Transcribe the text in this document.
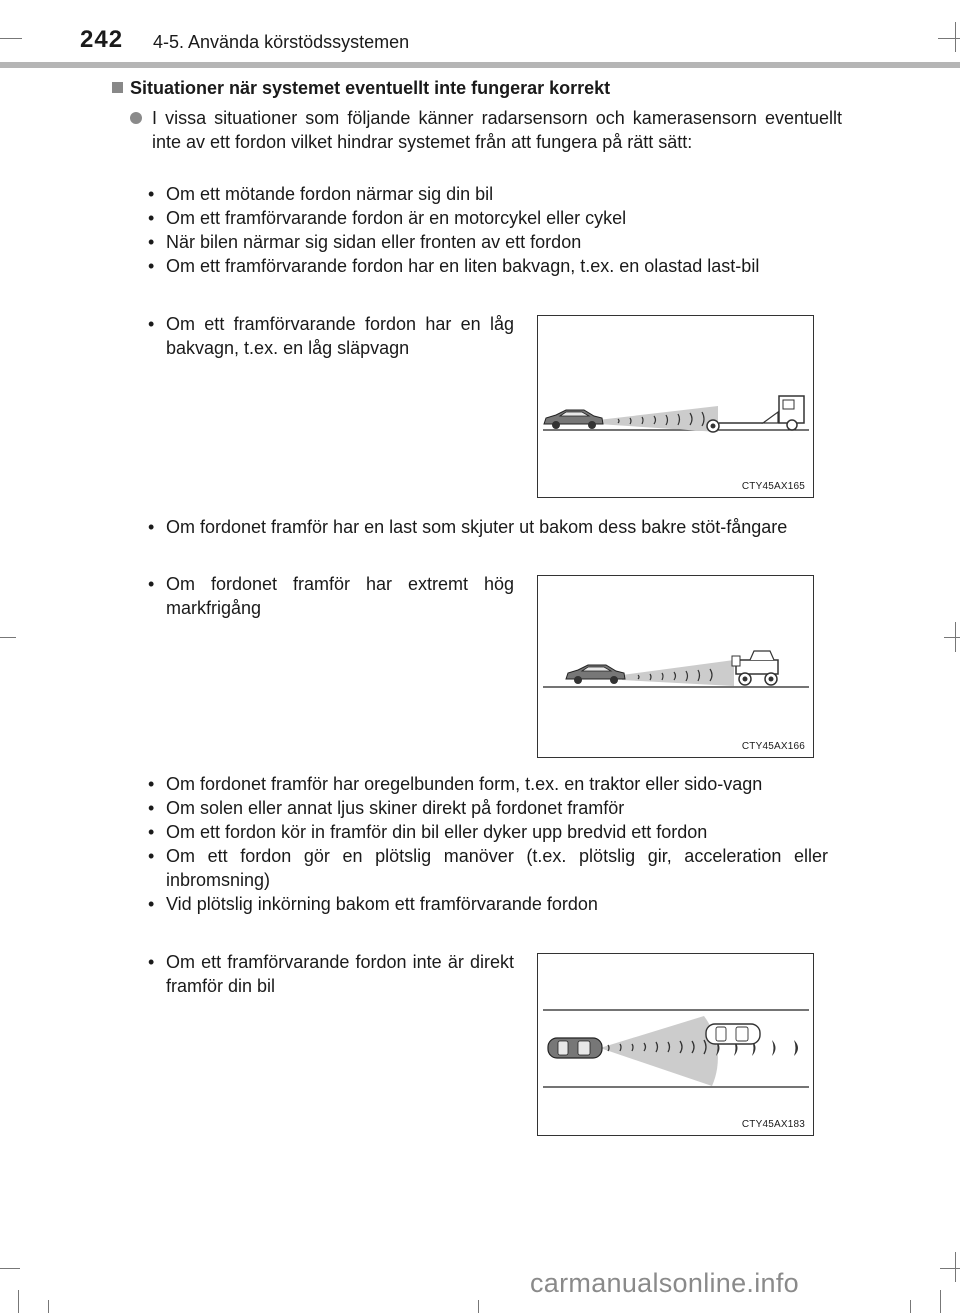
242 4-5. Använda körstödssystemen
Situationer när systemet eventuellt inte fungerar korrekt
I vissa situationer som följande känner radarsensorn och kamerasensorn eventuellt inte av ett fordon vilket hindrar systemet från att fungera på rätt sätt:
• Om ett mötande fordon närmar sig din bil
• Om ett framförvarande fordon är en motorcykel eller cykel
• När bilen närmar sig sidan eller fronten av ett fordon
• Om ett framförvarande fordon har en liten bakvagn, t.ex. en olastad last-bil
• Om ett framförvarande fordon har en låg bakvagn, t.ex. en låg släpvagn
CTY45AX165
• Om fordonet framför har en last som skjuter ut bakom dess bakre stöt-fångare
• Om fordonet framför har extremt hög markfrigång
CTY45AX166
• Om fordonet framför har oregelbunden form, t.ex. en traktor eller sido-vagn
• Om solen eller annat ljus skiner direkt på fordonet framför
• Om ett fordon kör in framför din bil eller dyker upp bredvid ett fordon
• Om ett fordon gör en plötslig manöver (t.ex. plötslig gir, acceleration eller inbromsning)
• Vid plötslig inkörning bakom ett framförvarande fordon
• Om ett framförvarande fordon inte är direkt framför din bil
CTY45AX183
carmanualsonline.info
